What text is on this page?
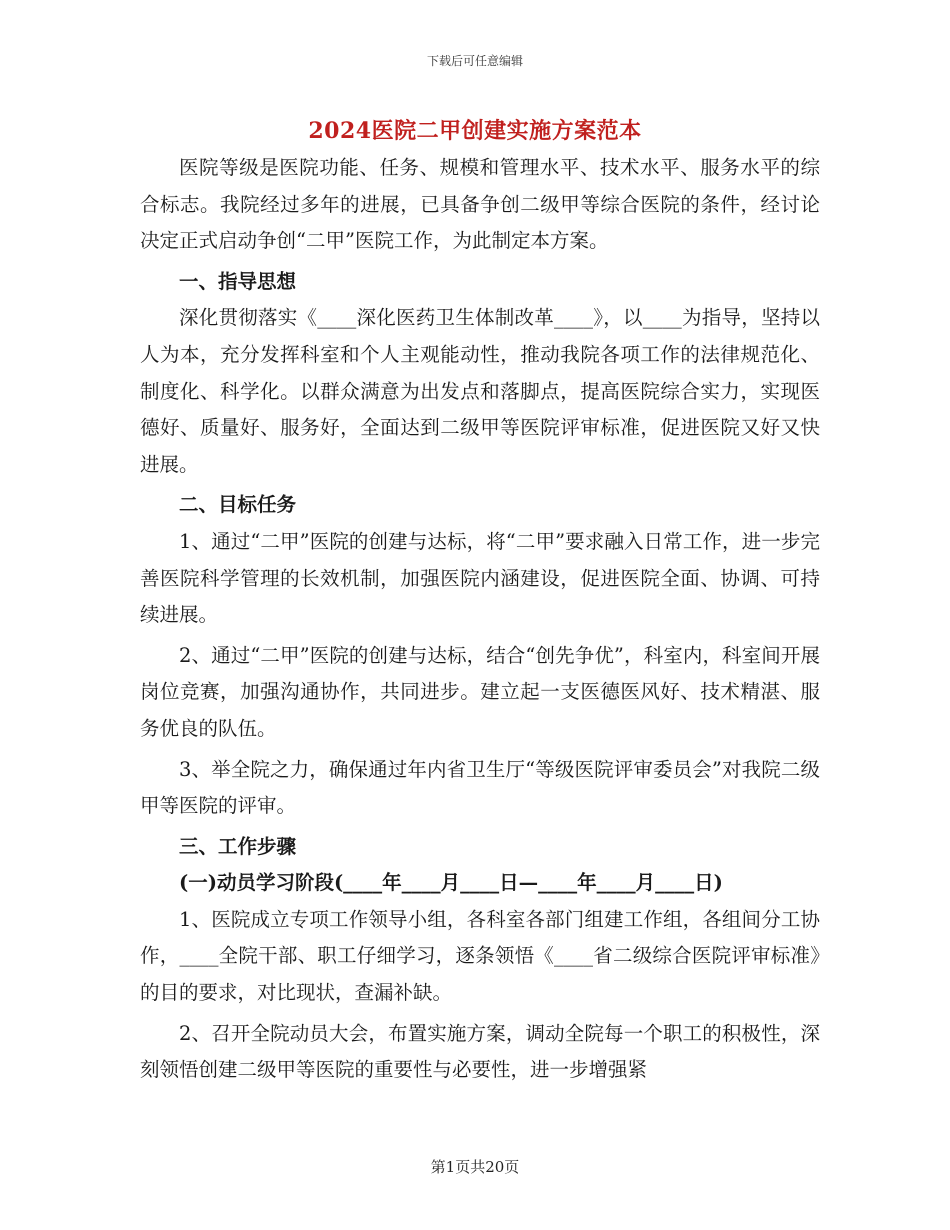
下载后可任意编辑
2024医院二甲创建实施方案范本

医院等级是医院功能、任务、规模和管理水平、技术水平、服务水平的综合标志。我院经过多年的进展，已具备争创二级甲等综合医院的条件，经讨论决定正式启动争创“二甲”医院工作，为此制定本方案。

一、指导思想

深化贯彻落实《____深化医药卫生体制改革____》，以____为指导，坚持以人为本，充分发挥科室和个人主观能动性，推动我院各项工作的法律规范化、制度化、科学化。以群众满意为出发点和落脚点，提高医院综合实力，实现医德好、质量好、服务好，全面达到二级甲等医院评审标准，促进医院又好又快进展。

二、目标任务

1、通过“二甲”医院的创建与达标，将“二甲”要求融入日常工作，进一步完善医院科学管理的长效机制，加强医院内涵建设，促进医院全面、协调、可持续进展。

2、通过“二甲”医院的创建与达标，结合“创先争优”，科室内，科室间开展岗位竞赛，加强沟通协作，共同进步。建立起一支医德医风好、技术精湛、服务优良的队伍。

3、举全院之力，确保通过年内省卫生厅“等级医院评审委员会”对我院二级甲等医院的评审。

三、工作步骤

(一)动员学习阶段(____年____月____日—____年____月____日)

1、医院成立专项工作领导小组，各科室各部门组建工作组，各组间分工协作，____全院干部、职工仔细学习，逐条领悟《____省二级综合医院评审标准》的目的要求，对比现状，查漏补缺。

2、召开全院动员大会，布置实施方案，调动全院每一个职工的积极性，深刻领悟创建二级甲等医院的重要性与必要性，进一步增强紧

第1页共20页
